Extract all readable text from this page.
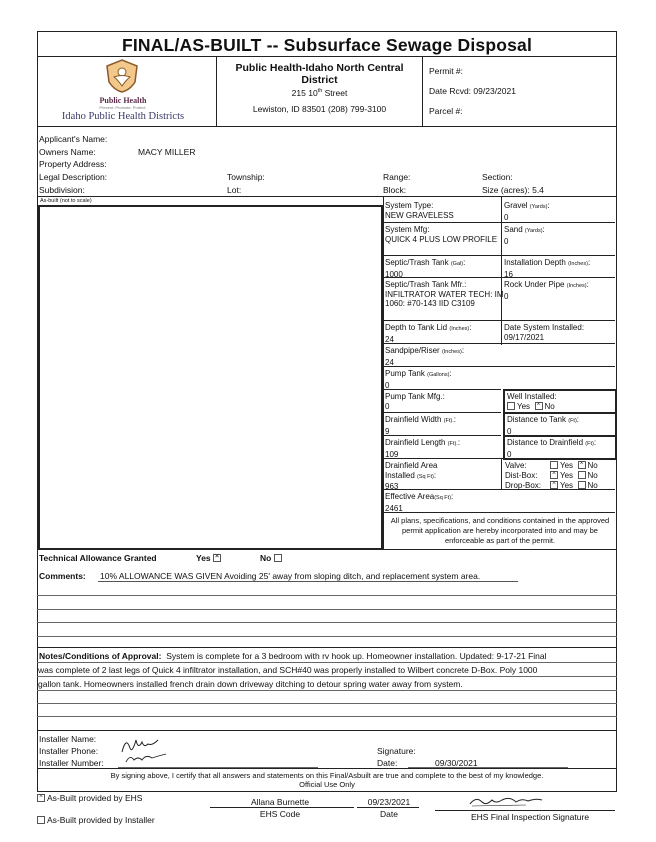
FINAL/AS-BUILT -- Subsurface Sewage Disposal
Public Health
Prevent. Promote. Protect.
Idaho Public Health Districts
Public Health-Idaho North Central
District
215 10th Street
Lewiston, ID 83501 (208) 799-3100
Permit #:
Date Rcvd: 09/23/2021
Parcel #:
Applicant's Name:
Owners Name:	MACY MILLER
Property Address:
Legal Description:	Township:	Range:	Section:
Subdivision:	Lot:	Block:	Size (acres): 5.4
As-built (not to scale)	System Type:
NEW GRAVELESS
Gravel (Yards):
0
System Mfg:
QUICK 4 PLUS LOW PROFILE
Sand (Yards):
0
Septic/Trash Tank (Gal):
1000
Installation Depth (Inches):
16
Septic/Trash Tank Mfr.:
INFILTRATOR WATER TECH: IM 1060: #70-143 IID C3109
Rock Under Pipe (Inches):
0
Depth to Tank Lid (Inches):
24
Date System Installed:
09/17/2021
Sandpipe/Riser (Inches):
24
Pump Tank (Gallons):
0
Pump Tank Mfg.:
0
Well Installed:
Yes × No
Drainfield Width (Ft).:
9
Distance to Tank (Ft):
0
Drainfield Length (Ft).:
109
Distance to Drainfield (Ft):
0
Drainfield Area
Installed (Sq Ft):
963
Valve:	Yes × No
Dist-Box: ×	Yes No
Drop-Box: × Yes No
Effective Area(Sq Ft):
2461
All plans, specifications, and conditions contained in the approved permit application are hereby incorporated into and may be enforceable as part of the permit.
Technical Allowance Granted	Yes ×	No
Comments: 10% ALLOWANCE WAS GIVEN Avoiding 25' away from sloping ditch, and replacement system area.
Notes/Conditions of Approval: System is complete for a 3 bedroom with rv hook up. Homeowner installation. Updated: 9-17-21 Final
was complete of 2 last legs of Quick 4 infiltrator installation, and SCH#40 was properly installed to Wilbert concrete D-Box. Poly 1000
gallon tank. Homeowners installed french drain down driveway ditching to detour spring water away from system.
Installer Name:
Installer Phone:
Installer Number:
Signature:
Date:	09/30/2021
By signing above, I certify that all answers and statements on this Final/Asbuilt are true and complete to the best of my knowledge.
Official Use Only
×As-Built provided by EHS
As-Built provided by Installer
Allana Burnette
EHS Code
09/23/2021
Date	EHS Final Inspection Signature
